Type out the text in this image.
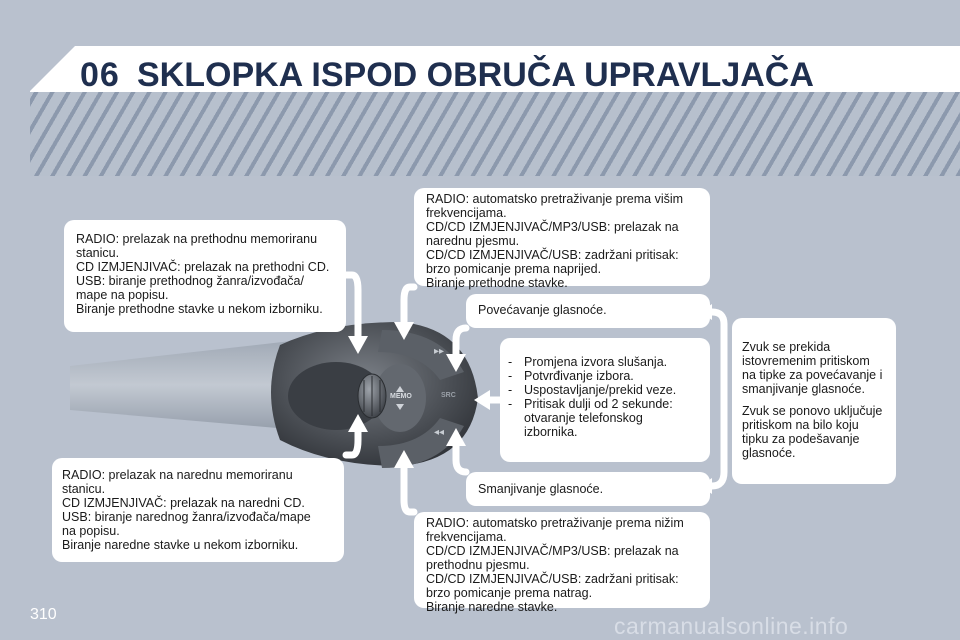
06 SKLOPKA ISPOD OBRUČA UPRAVLJAČA
MEMO	SRC
▸▸
◂◂

RADIO: prelazak na prethodnu memoriranu
stanicu.
CD IZMJENJIVAČ: prelazak na prethodni CD.
USB: biranje prethodnog žanra/izvođača/
mape na popisu.
Biranje prethodne stavke u nekom izborniku.

RADIO: prelazak na narednu memoriranu
stanicu.
CD IZMJENJIVAČ: prelazak na naredni CD.
USB: biranje narednog žanra/izvođača/mape
na popisu.
Biranje naredne stavke u nekom izborniku.

RADIO: automatsko pretraživanje prema višim
frekvencijama.
CD/CD IZMJENJIVAČ/MP3/USB: prelazak na
narednu pjesmu.
CD/CD IZMJENJIVAČ/USB: zadržani pritisak:
brzo pomicanje prema naprijed.
Biranje prethodne stavke.

Povećavanje glasnoće.

- Promjena izvora slušanja.
- Potvrđivanje izbora.
- Uspostavljanje/prekid veze.
- Pritisak dulji od 2 sekunde:
otvaranje telefonskog
izbornika.

Smanjivanje glasnoće.

RADIO: automatsko pretraživanje prema nižim
frekvencijama.
CD/CD IZMJENJIVAČ/MP3/USB: prelazak na
prethodnu pjesmu.
CD/CD IZMJENJIVAČ/USB: zadržani pritisak:
brzo pomicanje prema natrag.
Biranje naredne stavke.

Zvuk se prekida
istovremenim pritiskom
na tipke za povećavanje i
smanjivanje glasnoće.

Zvuk se ponovo uključuje
pritiskom na bilo koju
tipku za podešavanje
glasnoće.

310	carmanualsonline.info
